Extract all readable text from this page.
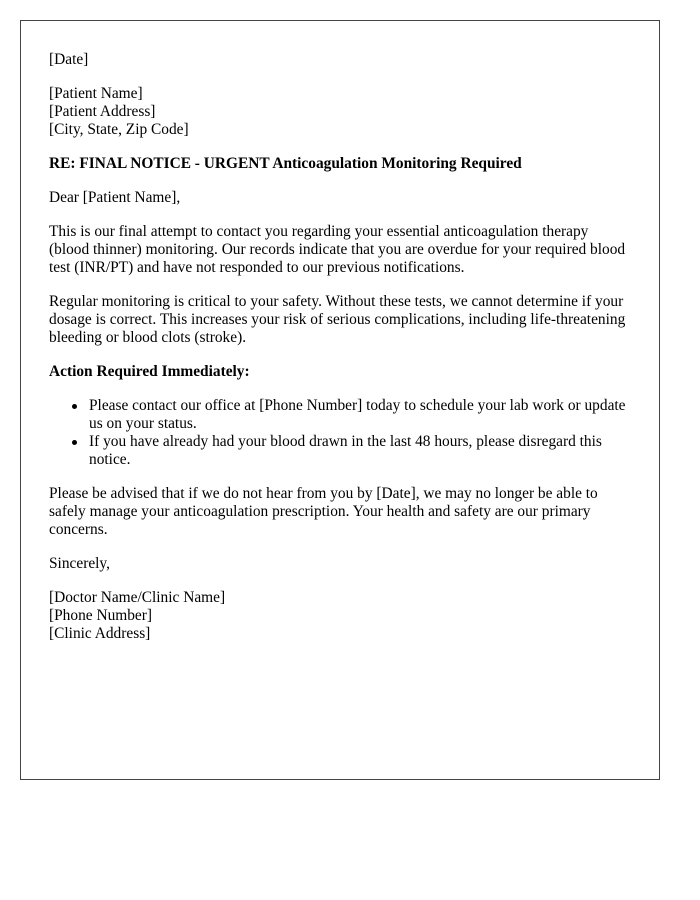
[Date]

[Patient Name]
[Patient Address]
[City, State, Zip Code]

RE: FINAL NOTICE - URGENT Anticoagulation Monitoring Required

Dear [Patient Name],

This is our final attempt to contact you regarding your essential anticoagulation therapy (blood thinner) monitoring. Our records indicate that you are overdue for your required blood test (INR/PT) and have not responded to our previous notifications.

Regular monitoring is critical to your safety. Without these tests, we cannot determine if your dosage is correct. This increases your risk of serious complications, including life-threatening bleeding or blood clots (stroke).

Action Required Immediately:

Please contact our office at [Phone Number] today to schedule your lab work or update us on your status.
If you have already had your blood drawn in the last 48 hours, please disregard this notice.

Please be advised that if we do not hear from you by [Date], we may no longer be able to safely manage your anticoagulation prescription. Your health and safety are our primary concerns.

Sincerely,

[Doctor Name/Clinic Name]
[Phone Number]
[Clinic Address]
